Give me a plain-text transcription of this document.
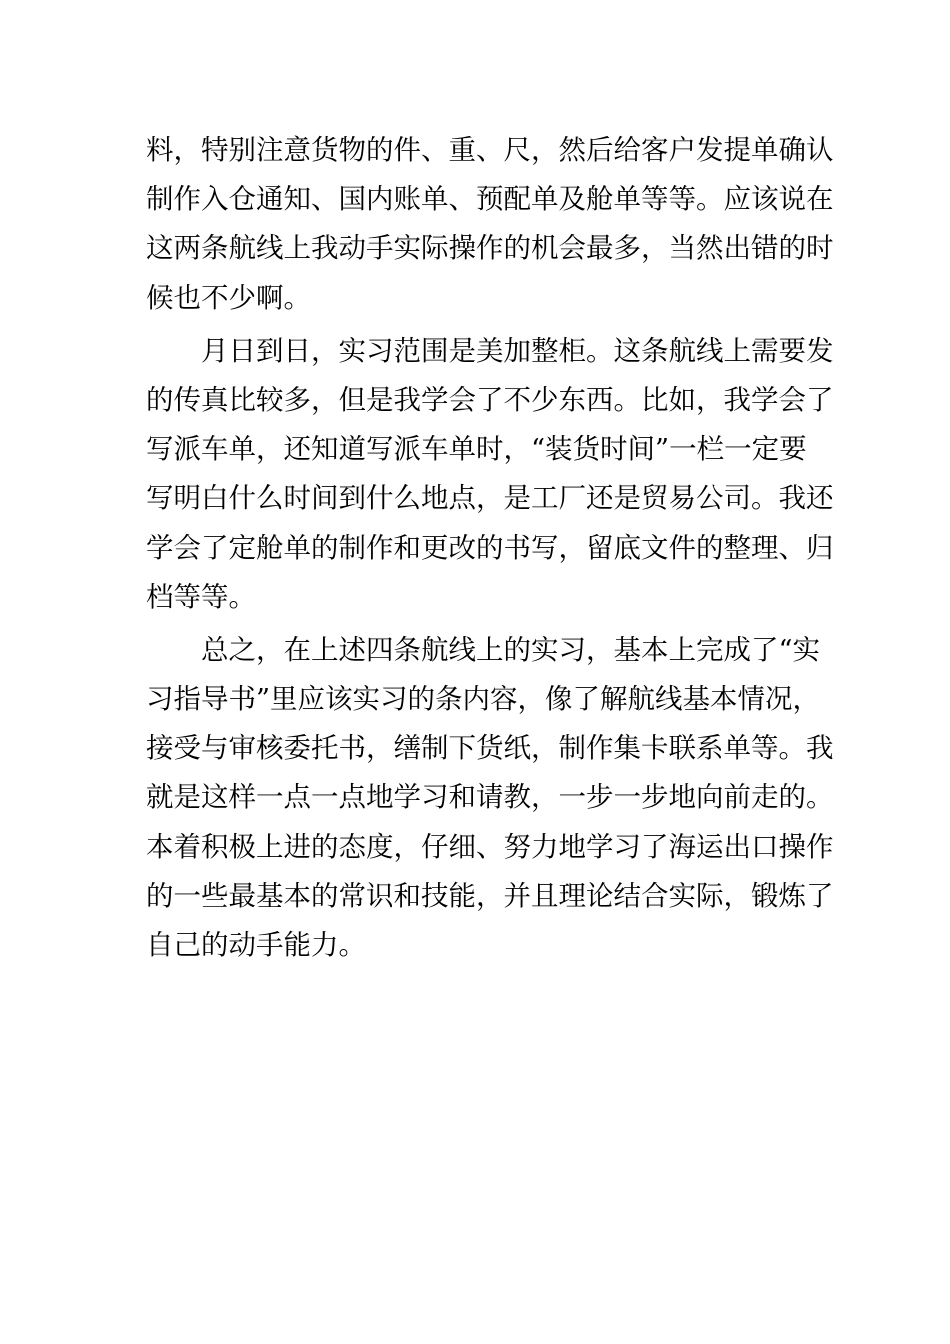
料，特别注意货物的件、重、尺，然后给客户发提单确认
制作入仓通知、国内账单、预配单及舱单等等。应该说在
这两条航线上我动手实际操作的机会最多，当然出错的时
候也不少啊。
月日到日，实习范围是美加整柜。这条航线上需要发
的传真比较多，但是我学会了不少东西。比如，我学会了
写派车单，还知道写派车单时，“装货时间”一栏一定要
写明白什么时间到什么地点，是工厂还是贸易公司。我还
学会了定舱单的制作和更改的书写，留底文件的整理、归
档等等。
总之，在上述四条航线上的实习，基本上完成了“实
习指导书”里应该实习的条内容，像了解航线基本情况，
接受与审核委托书，缮制下货纸，制作集卡联系单等。我
就是这样一点一点地学习和请教，一步一步地向前走的。
本着积极上进的态度，仔细、努力地学习了海运出口操作
的一些最基本的常识和技能，并且理论结合实际，锻炼了
自己的动手能力。
